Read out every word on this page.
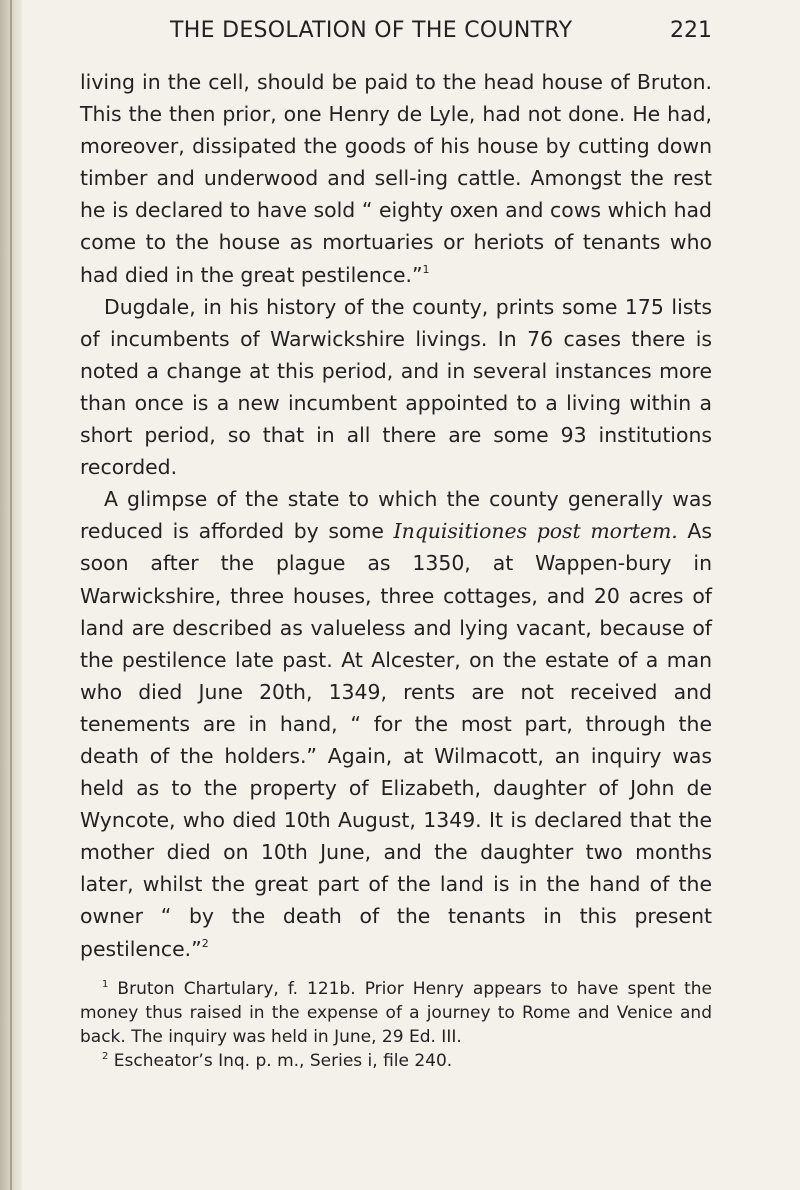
THE DESOLATION OF THE COUNTRY	221

living in the cell, should be paid to the head house of Bruton. This the then prior, one Henry de Lyle, had not done. He had, moreover, dissipated the goods of his house by cutting down timber and underwood and sell-ing cattle. Amongst the rest he is declared to have sold “ eighty oxen and cows which had come to the house as mortuaries or heriots of tenants who had died in the great pestilence.”$^1$

Dugdale, in his history of the county, prints some 175 lists of incumbents of Warwickshire livings. In 76 cases there is noted a change at this period, and in several instances more than once is a new incumbent appointed to a living within a short period, so that in all there are some 93 institutions recorded.

A glimpse of the state to which the county generally was reduced is afforded by some Inquisitiones post mortem. As soon after the plague as 1350, at Wappen-bury in Warwickshire, three houses, three cottages, and 20 acres of land are described as valueless and lying vacant, because of the pestilence late past. At Alcester, on the estate of a man who died June 20th, 1349, rents are not received and tenements are in hand, “ for the most part, through the death of the holders.” Again, at Wilmacott, an inquiry was held as to the property of Elizabeth, daughter of John de Wyncote, who died 10th August, 1349. It is declared that the mother died on 10th June, and the daughter two months later, whilst the great part of the land is in the hand of the owner “ by the death of the tenants in this present pestilence.”$^2$

$^1$ Bruton Chartulary, f. 121b. Prior Henry appears to have spent the money thus raised in the expense of a journey to Rome and Venice and back. The inquiry was held in June, 29 Ed. III.

$^2$ Escheator’s Inq. p. m., Series i, file 240.
